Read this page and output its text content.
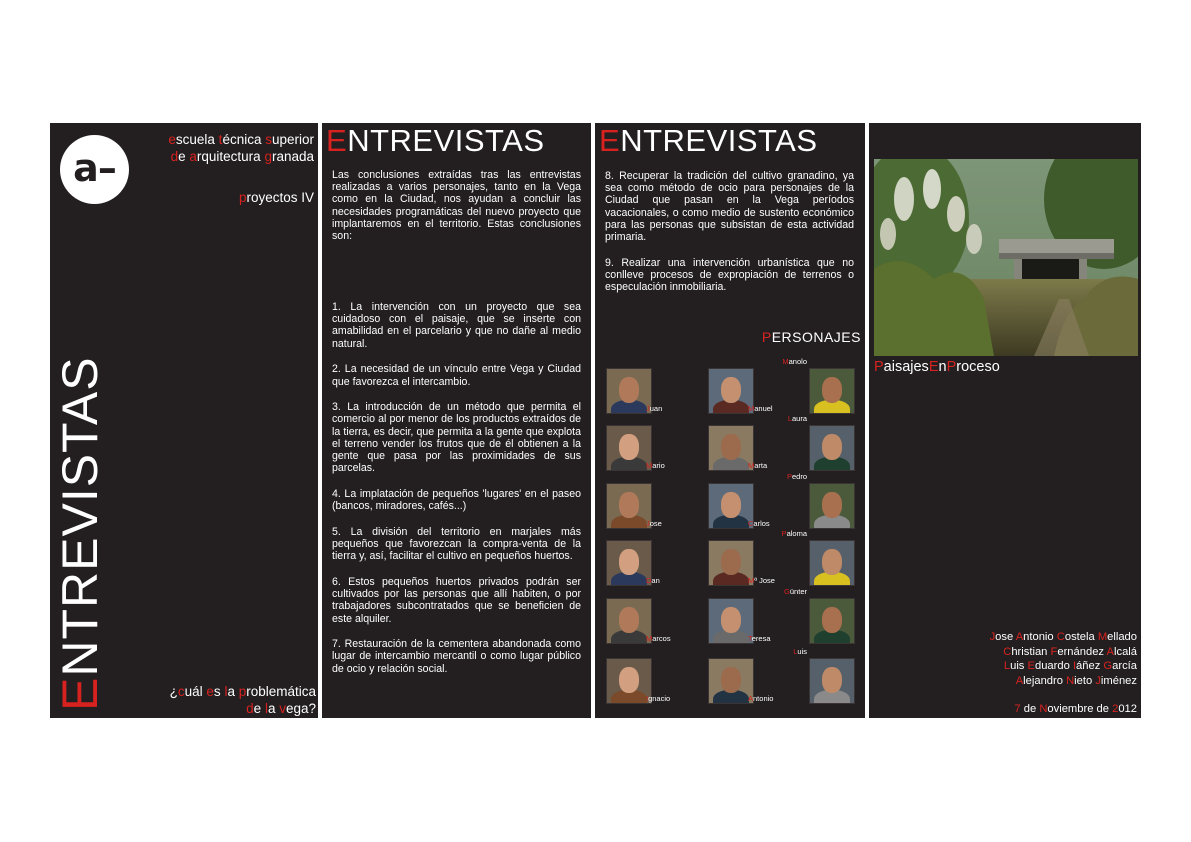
a–
escuela técnica superior
de arquitectura granada
proyectos IV
ENTREVISTAS
¿cuál es la problemática
de la vega?
ENTREVISTAS
Las conclusiones extraídas tras las entrevistas realizadas a varios personajes, tanto en la Vega como en la Ciudad, nos ayudan a concluir las necesidades programáticas del nuevo proyecto que implantaremos en el territorio. Estas conclusiones son:

1. La intervención con un proyecto que sea cuidadoso con el paisaje, que se inserte con amabilidad en el parcelario y que no dañe al medio natural.

2. La necesidad de un vínculo entre Vega y Ciudad que favorezca el intercambio.

3. La introducción de un método que permita el comercio al por menor de los productos extraídos de la tierra, es decir, que permita a la gente que explota el terreno vender los frutos que de él obtienen a la gente que pasa por las proximidades de sus parcelas.

4. La implatación de pequeños 'lugares' en el paseo (bancos, miradores, cafés...)

5. La división del territorio en marjales más pequeños que favorezcan la compra-venta de la tierra y, así, facilitar el cultivo en pequeños huertos.

6. Estos pequeños huertos privados podrán ser cultivados por las personas que allí habiten, o por trabajadores subcontratados que se beneficien de este alquiler.

7. Restauración de la cementera abandonada como lugar de intercambio mercantil o como lugar público de ocio y relación social.

ENTREVISTAS

8. Recuperar la tradición del cultivo granadino, ya sea como método de ocio para personajes de la Ciudad que pasan en la Vega períodos vacacionales, o como medio de sustento económico para las personas que subsistan de esta actividad primaria.

9. Realizar una intervención urbanística que no conlleve procesos de expropiación de terrenos o especulación inmobiliaria.

PERSONAJES
Juan	Manuel
Manolo
Mario	Marta
Laura
Jose	Carlos
Pedro
Dan	Mª Jose
Paloma
Marcos	Teresa
Günter
Ignacio	Antonio
Luis
PaisajesEnProceso
Jose Antonio Costela Mellado
Christian Fernández Alcalá
Luis Eduardo Iáñez García
Alejandro Nieto Jiménez
7 de Noviembre de 2012
